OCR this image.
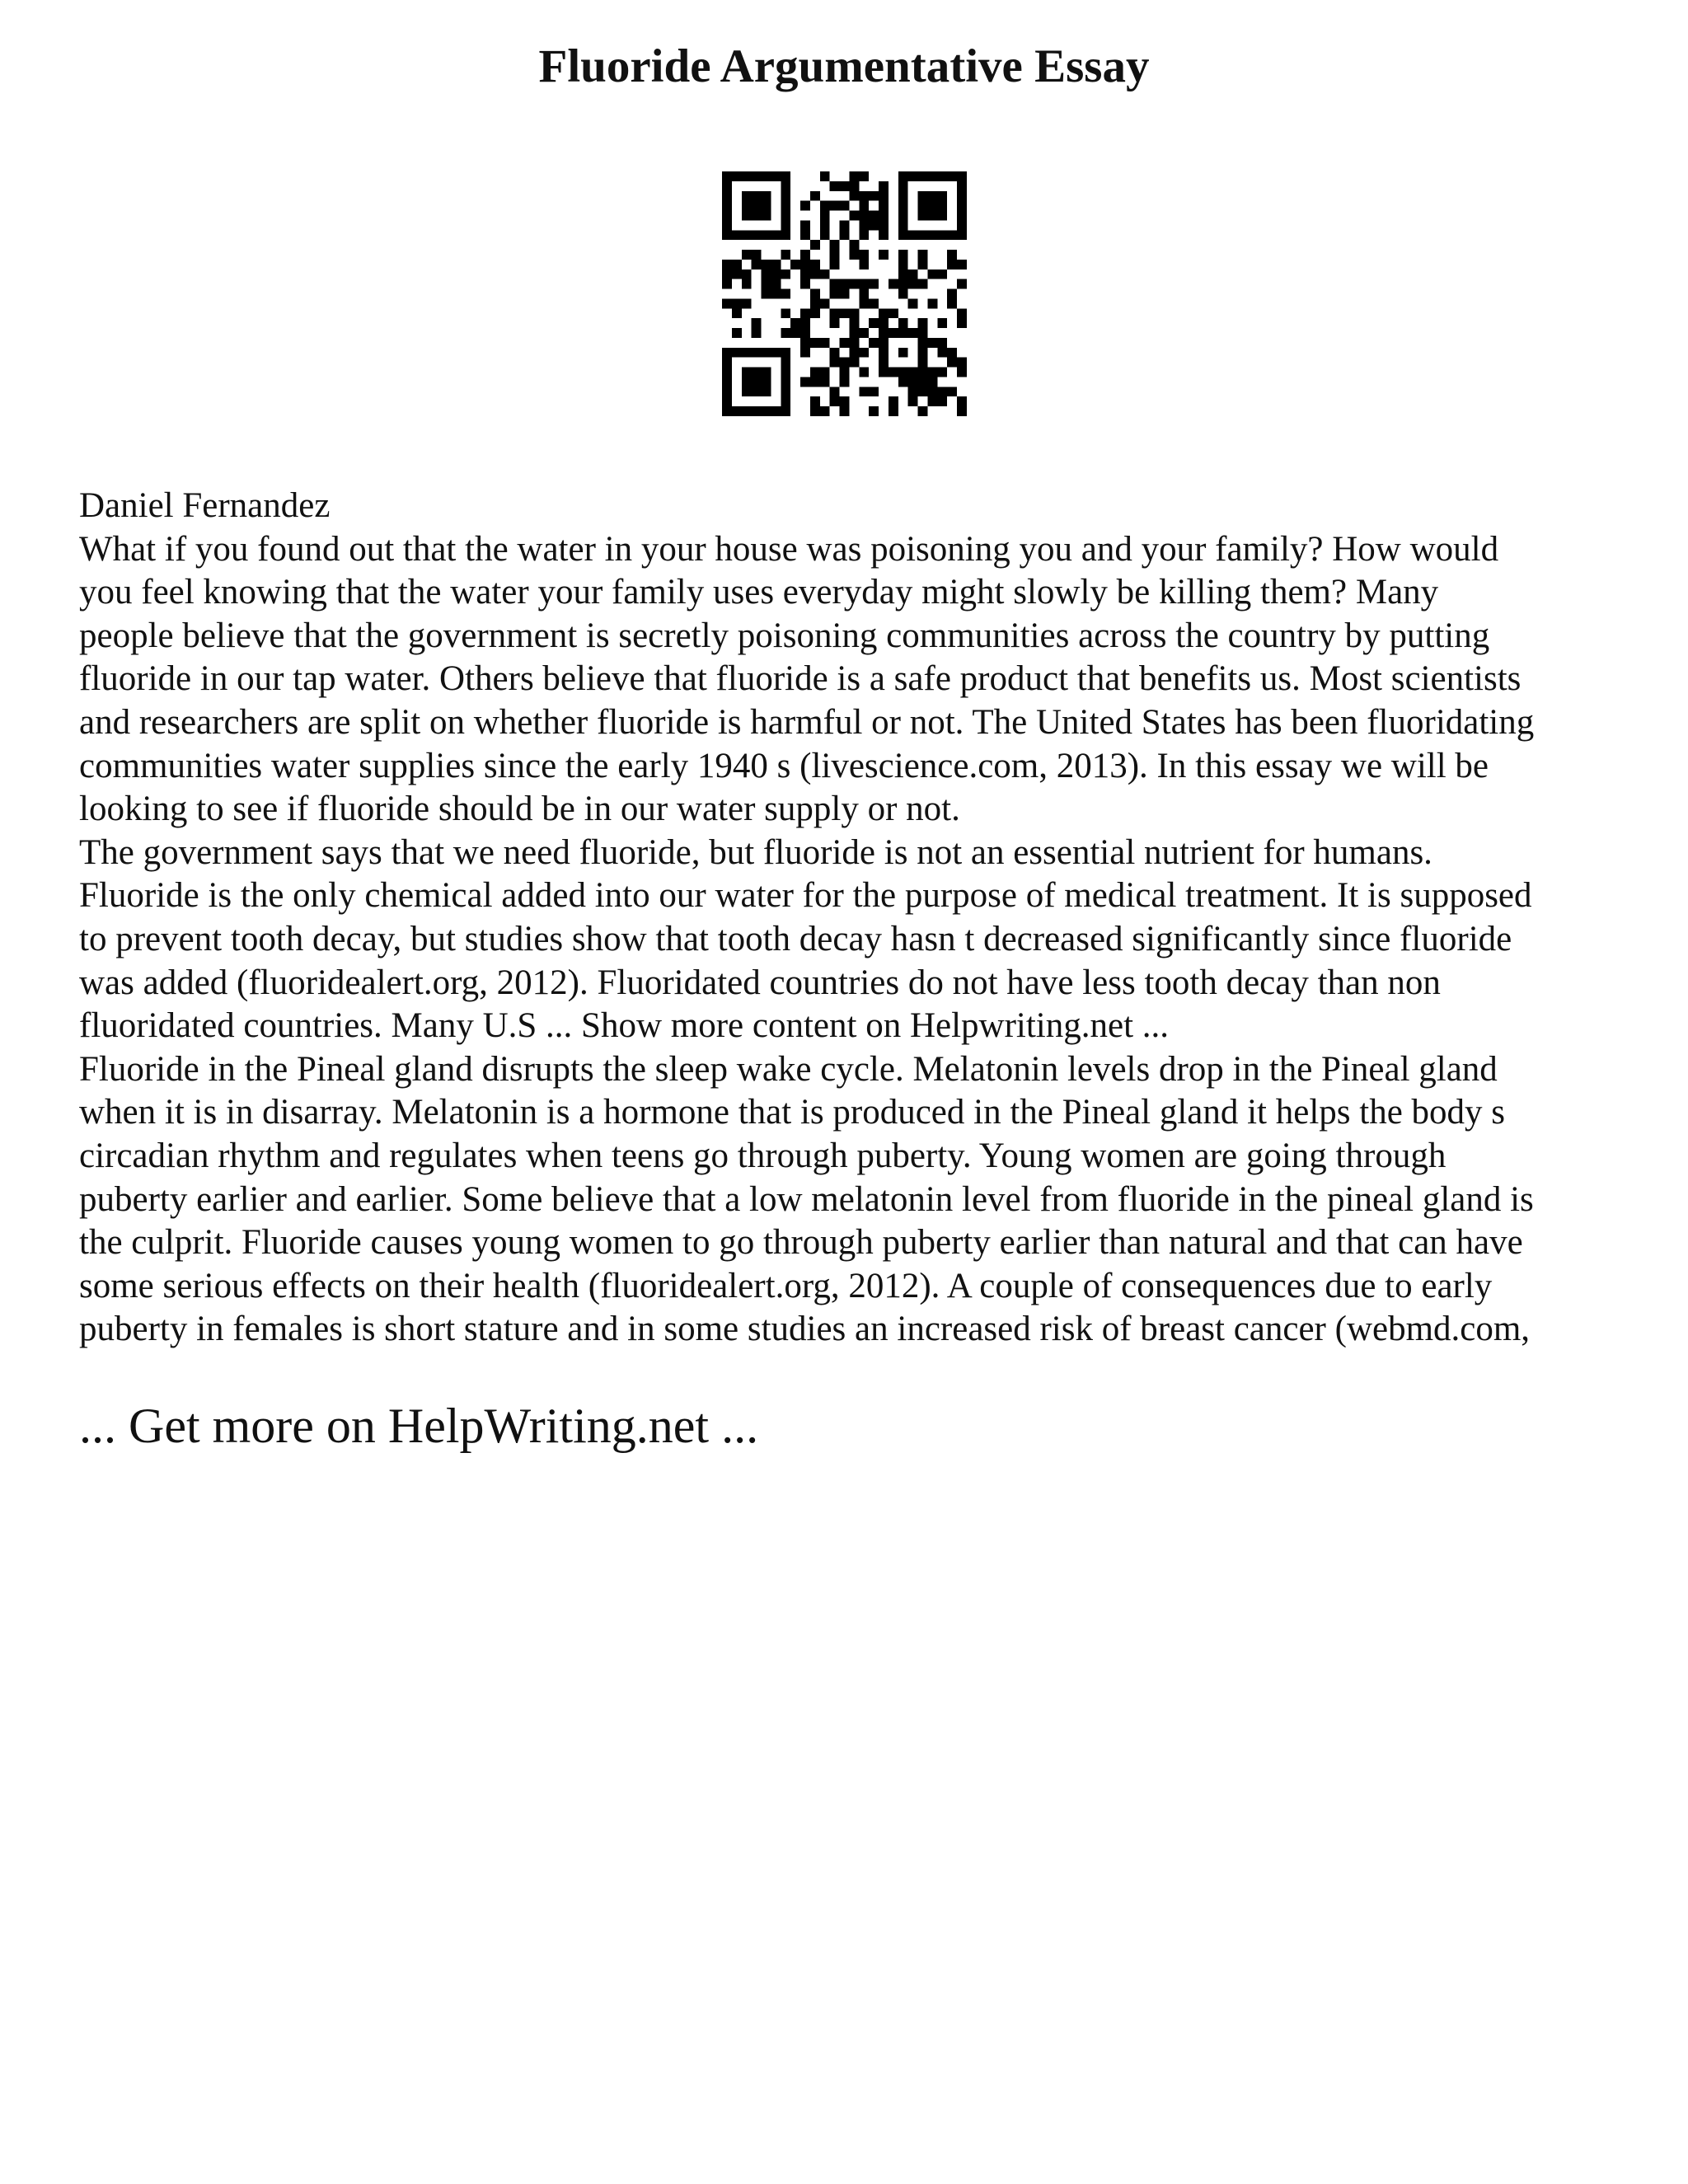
Fluoride Argumentative Essay
Daniel Fernandez
What if you found out that the water in your house was poisoning you and your family? How would
you feel knowing that the water your family uses everyday might slowly be killing them? Many
people believe that the government is secretly poisoning communities across the country by putting
fluoride in our tap water. Others believe that fluoride is a safe product that benefits us. Most scientists
and researchers are split on whether fluoride is harmful or not. The United States has been fluoridating
communities water supplies since the early 1940 s (livescience.com, 2013). In this essay we will be
looking to see if fluoride should be in our water supply or not.
The government says that we need fluoride, but fluoride is not an essential nutrient for humans.
Fluoride is the only chemical added into our water for the purpose of medical treatment. It is supposed
to prevent tooth decay, but studies show that tooth decay hasn t decreased significantly since fluoride
was added (fluoridealert.org, 2012). Fluoridated countries do not have less tooth decay than non
fluoridated countries. Many U.S ... Show more content on Helpwriting.net ...
Fluoride in the Pineal gland disrupts the sleep wake cycle. Melatonin levels drop in the Pineal gland
when it is in disarray. Melatonin is a hormone that is produced in the Pineal gland it helps the body s
circadian rhythm and regulates when teens go through puberty. Young women are going through
puberty earlier and earlier. Some believe that a low melatonin level from fluoride in the pineal gland is
the culprit. Fluoride causes young women to go through puberty earlier than natural and that can have
some serious effects on their health (fluoridealert.org, 2012). A couple of consequences due to early
puberty in females is short stature and in some studies an increased risk of breast cancer (webmd.com,
... Get more on HelpWriting.net ...
